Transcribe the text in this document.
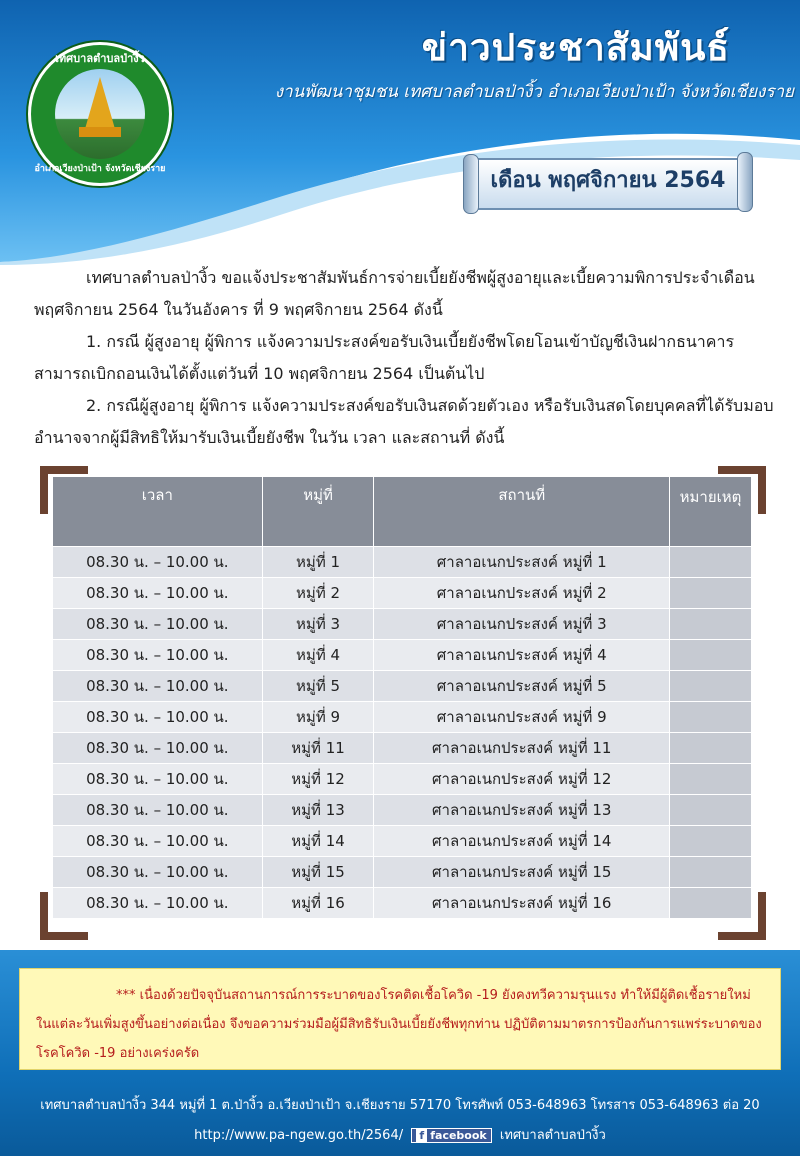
เทศบาลตำบลป่างิ้ว
อำเภอเวียงป่าเป้า จังหวัดเชียงราย
ข่าวประชาสัมพันธ์
งานพัฒนาชุมชน เทศบาลตำบลป่างิ้ว อำเภอเวียงป่าเป้า จังหวัดเชียงราย
เดือน พฤศจิกายน 2564
เทศบาลตำบลป่างิ้ว ขอแจ้งประชาสัมพันธ์การจ่ายเบี้ยยังชีพผู้สูงอายุและเบี้ยความพิการประจำเดือน พฤศจิกายน 2564 ในวันอังคาร ที่ 9 พฤศจิกายน 2564 ดังนี้
1. กรณี ผู้สูงอายุ ผู้พิการ แจ้งความประสงค์ขอรับเงินเบี้ยยังชีพโดยโอนเข้าบัญชีเงินฝากธนาคาร สามารถเบิกถอนเงินได้ตั้งแต่วันที่ 10 พฤศจิกายน 2564 เป็นต้นไป
2. กรณีผู้สูงอายุ ผู้พิการ แจ้งความประสงค์ขอรับเงินสดด้วยตัวเอง หรือรับเงินสดโดยบุคคลที่ได้รับมอบอำนาจจากผู้มีสิทธิให้มารับเงินเบี้ยยังชีพ ในวัน เวลา และสถานที่ ดังนี้
เวลา	หมู่ที่	สถานที่	หมายเหตุ
08.30 น. – 10.00 น.	หมู่ที่ 1	ศาลาอเนกประสงค์ หมู่ที่ 1	
08.30 น. – 10.00 น.	หมู่ที่ 2	ศาลาอเนกประสงค์ หมู่ที่ 2	
08.30 น. – 10.00 น.	หมู่ที่ 3	ศาลาอเนกประสงค์ หมู่ที่ 3	
08.30 น. – 10.00 น.	หมู่ที่ 4	ศาลาอเนกประสงค์ หมู่ที่ 4	
08.30 น. – 10.00 น.	หมู่ที่ 5	ศาลาอเนกประสงค์ หมู่ที่ 5	
08.30 น. – 10.00 น.	หมู่ที่ 9	ศาลาอเนกประสงค์ หมู่ที่ 9	
08.30 น. – 10.00 น.	หมู่ที่ 11	ศาลาอเนกประสงค์ หมู่ที่ 11	
08.30 น. – 10.00 น.	หมู่ที่ 12	ศาลาอเนกประสงค์ หมู่ที่ 12	
08.30 น. – 10.00 น.	หมู่ที่ 13	ศาลาอเนกประสงค์ หมู่ที่ 13	
08.30 น. – 10.00 น.	หมู่ที่ 14	ศาลาอเนกประสงค์ หมู่ที่ 14	
08.30 น. – 10.00 น.	หมู่ที่ 15	ศาลาอเนกประสงค์ หมู่ที่ 15	
08.30 น. – 10.00 น.	หมู่ที่ 16	ศาลาอเนกประสงค์ หมู่ที่ 16	
*** เนื่องด้วยปัจจุบันสถานการณ์การระบาดของโรคติดเชื้อโควิด -19 ยังคงทวีความรุนแรง ทำให้มีผู้ติดเชื้อรายใหม่ในแต่ละวันเพิ่มสูงขึ้นอย่างต่อเนื่อง จึงขอความร่วมมือผู้มีสิทธิรับเงินเบี้ยยังชีพทุกท่าน ปฏิบัติตามมาตรการป้องกันการแพร่ระบาดของโรคโควิด -19 อย่างเคร่งครัด
เทศบาลตำบลป่างิ้ว 344 หมู่ที่ 1 ต.ป่างิ้ว อ.เวียงป่าเป้า จ.เชียงราย 57170 โทรศัพท์ 053-648963 โทรสาร 053-648963 ต่อ 20
http://www.pa-ngew.go.th/2564/ f facebook เทศบาลตำบลป่างิ้ว
